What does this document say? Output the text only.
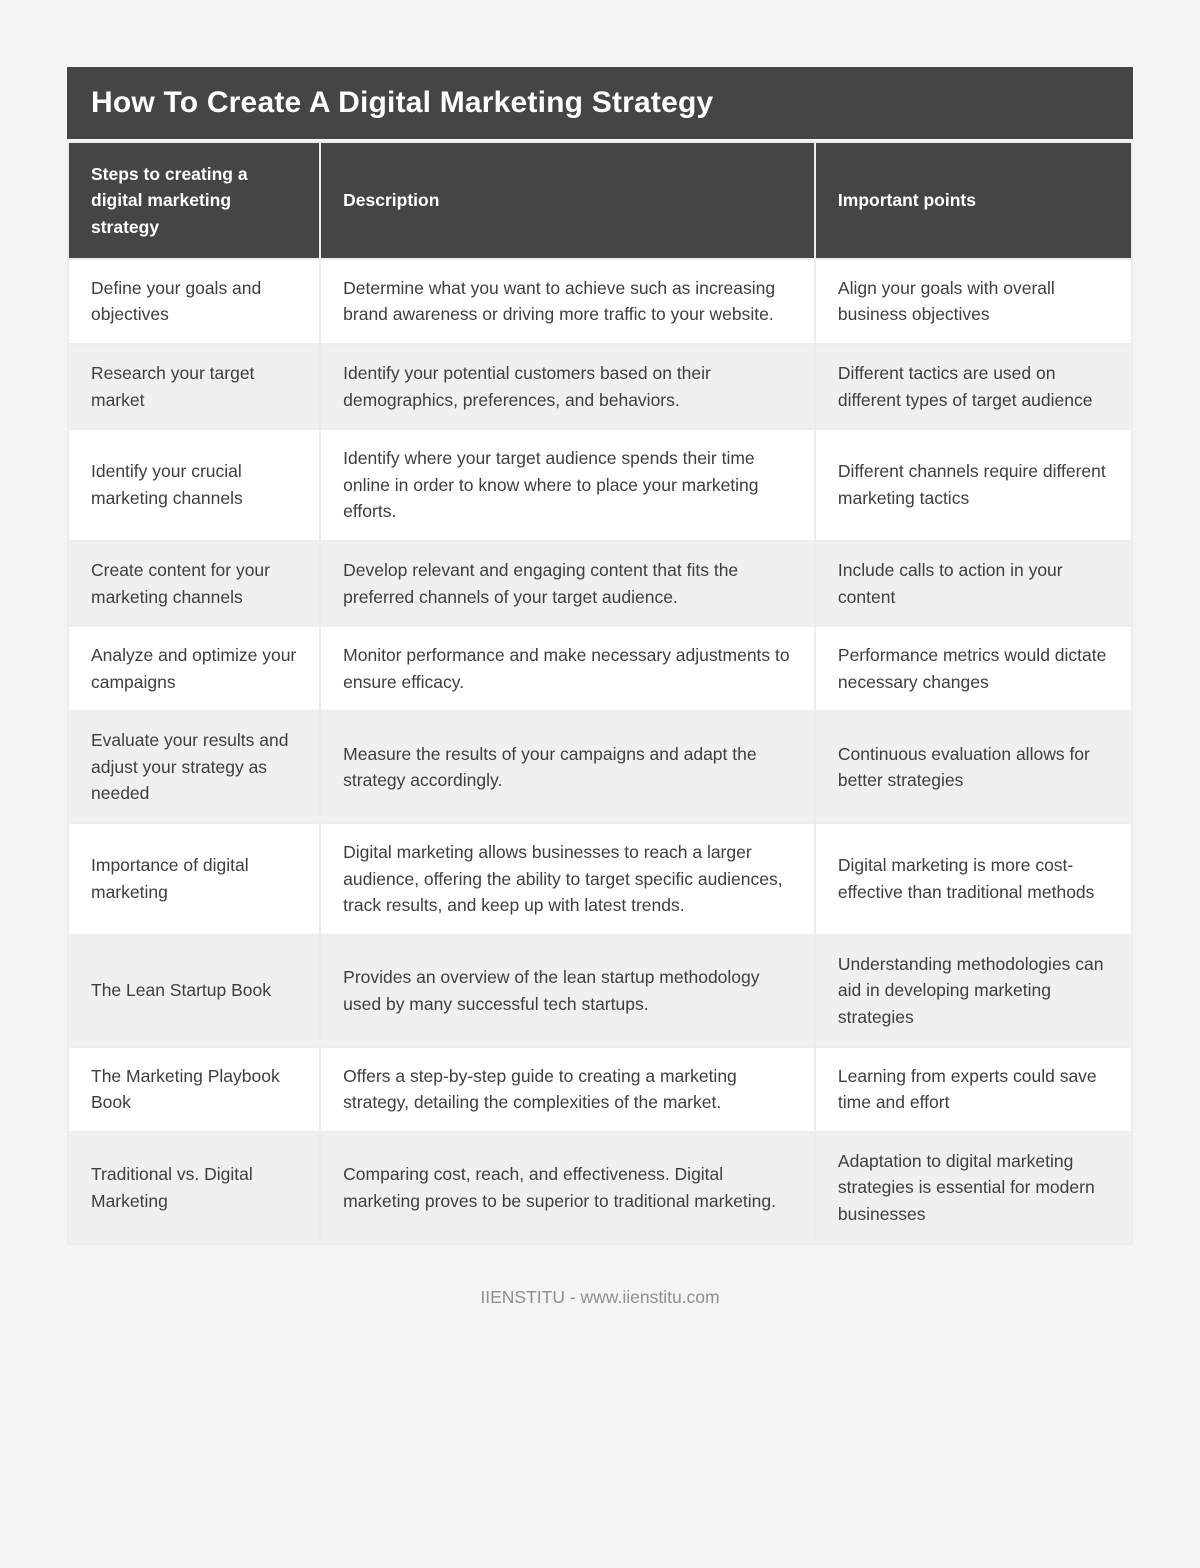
How To Create A Digital Marketing Strategy
Steps to creating a digital marketing strategy	Description	Important points
Define your goals and objectives	Determine what you want to achieve such as increasing brand awareness or driving more traffic to your website.	Align your goals with overall business objectives
Research your target market	Identify your potential customers based on their demographics, preferences, and behaviors.	Different tactics are used on different types of target audience
Identify your crucial marketing channels	Identify where your target audience spends their time online in order to know where to place your marketing efforts.	Different channels require different marketing tactics
Create content for your marketing channels	Develop relevant and engaging content that fits the preferred channels of your target audience.	Include calls to action in your content
Analyze and optimize your campaigns	Monitor performance and make necessary adjustments to ensure efficacy.	Performance metrics would dictate necessary changes
Evaluate your results and adjust your strategy as needed	Measure the results of your campaigns and adapt the strategy accordingly.	Continuous evaluation allows for better strategies
Importance of digital marketing	Digital marketing allows businesses to reach a larger audience, offering the ability to target specific audiences, track results, and keep up with latest trends.	Digital marketing is more cost-effective than traditional methods
The Lean Startup Book	Provides an overview of the lean startup methodology used by many successful tech startups.	Understanding methodologies can aid in developing marketing strategies
The Marketing Playbook Book	Offers a step-by-step guide to creating a marketing strategy, detailing the complexities of the market.	Learning from experts could save time and effort
Traditional vs. Digital Marketing	Comparing cost, reach, and effectiveness. Digital marketing proves to be superior to traditional marketing.	Adaptation to digital marketing strategies is essential for modern businesses
IIENSTITU - www.iienstitu.com
